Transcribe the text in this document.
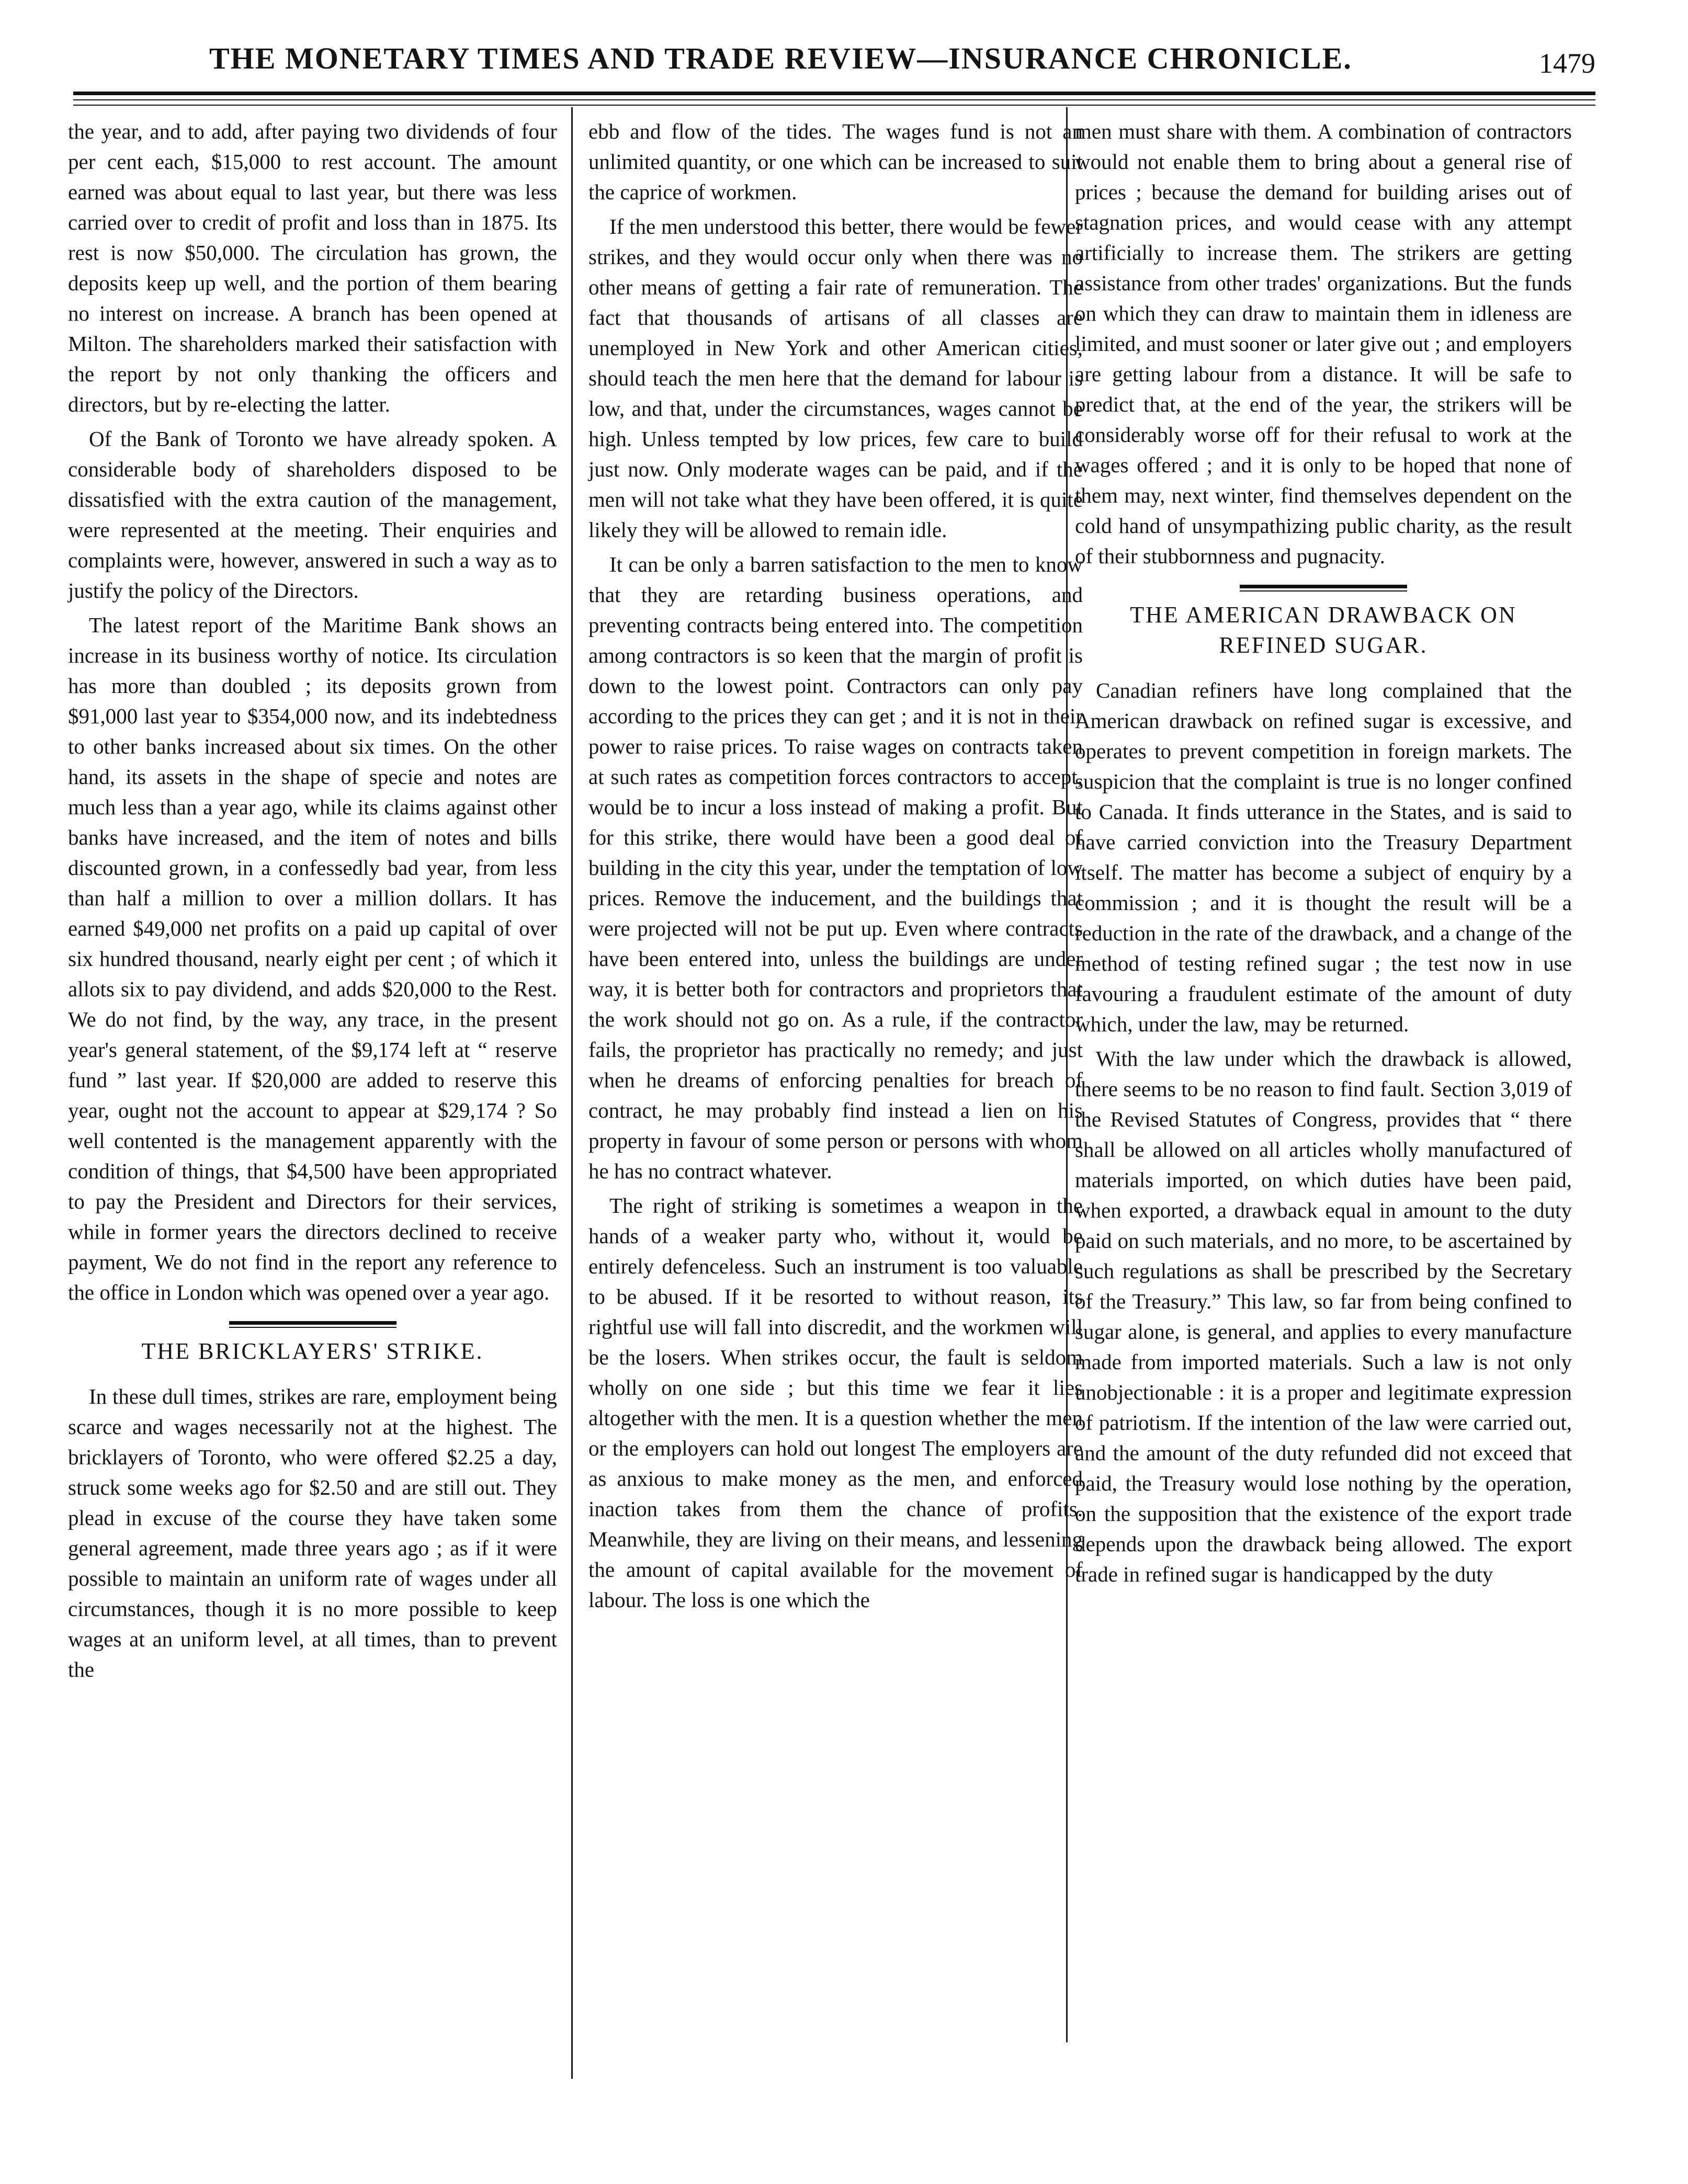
THE MONETARY TIMES AND TRADE REVIEW—INSURANCE CHRONICLE.	1479

the year, and to add, after paying two dividends of four per cent each, $15,000 to rest account. The amount earned was about equal to last year, but there was less carried over to credit of profit and loss than in 1875. Its rest is now $50,000. The circulation has grown, the deposits keep up well, and the portion of them bearing no interest on increase. A branch has been opened at Milton. The shareholders marked their satisfaction with the report by not only thanking the officers and directors, but by re-electing the latter.

Of the Bank of Toronto we have already spoken. A considerable body of shareholders disposed to be dissatisfied with the extra caution of the management, were represented at the meeting. Their enquiries and complaints were, however, answered in such a way as to justify the policy of the Directors.

The latest report of the Maritime Bank shows an increase in its business worthy of notice. Its circulation has more than doubled ; its deposits grown from $91,000 last year to $354,000 now, and its indebtedness to other banks increased about six times. On the other hand, its assets in the shape of specie and notes are much less than a year ago, while its claims against other banks have increased, and the item of notes and bills discounted grown, in a confessedly bad year, from less than half a million to over a million dollars. It has earned $49,000 net profits on a paid up capital of over six hundred thousand, nearly eight per cent ; of which it allots six to pay dividend, and adds $20,000 to the Rest. We do not find, by the way, any trace, in the present year's general statement, of the $9,174 left at “ reserve fund ” last year. If $20,000 are added to reserve this year, ought not the account to appear at $29,174 ? So well contented is the management apparently with the condition of things, that $4,500 have been appropriated to pay the President and Directors for their services, while in former years the directors declined to receive payment, We do not find in the report any reference to the office in London which was opened over a year ago.

THE BRICKLAYERS' STRIKE.

In these dull times, strikes are rare, employment being scarce and wages necessarily not at the highest. The bricklayers of Toronto, who were offered $2.25 a day, struck some weeks ago for $2.50 and are still out. They plead in excuse of the course they have taken some general agreement, made three years ago ; as if it were possible to maintain an uniform rate of wages under all circumstances, though it is no more possible to keep wages at an uniform level, at all times, than to prevent the

ebb and flow of the tides. The wages fund is not an unlimited quantity, or one which can be increased to suit the caprice of workmen.

If the men understood this better, there would be fewer strikes, and they would occur only when there was no other means of getting a fair rate of remuneration. The fact that thousands of artisans of all classes are unemployed in New York and other American cities, should teach the men here that the demand for labour is low, and that, under the circumstances, wages cannot be high. Unless tempted by low prices, few care to build just now. Only moderate wages can be paid, and if the men will not take what they have been offered, it is quite likely they will be allowed to remain idle.

It can be only a barren satisfaction to the men to know that they are retarding business operations, and preventing contracts being entered into. The competition among contractors is so keen that the margin of profit is down to the lowest point. Contractors can only pay according to the prices they can get ; and it is not in their power to raise prices. To raise wages on contracts taken at such rates as competition forces contractors to accept, would be to incur a loss instead of making a profit. But for this strike, there would have been a good deal of building in the city this year, under the temptation of low prices. Remove the inducement, and the buildings that were projected will not be put up. Even where contracts have been entered into, unless the buildings are under way, it is better both for contractors and proprietors that the work should not go on. As a rule, if the contractor fails, the proprietor has practically no remedy; and just when he dreams of enforcing penalties for breach of contract, he may probably find instead a lien on his property in favour of some person or persons with whom he has no contract whatever.

The right of striking is sometimes a weapon in the hands of a weaker party who, without it, would be entirely defenceless. Such an instrument is too valuable to be abused. If it be resorted to without reason, its rightful use will fall into discredit, and the workmen will be the losers. When strikes occur, the fault is seldom wholly on one side ; but this time we fear it lies altogether with the men. It is a question whether the men or the employers can hold out longest The employers are as anxious to make money as the men, and enforced inaction takes from them the chance of profits. Meanwhile, they are living on their means, and lessening the amount of capital available for the movement of labour. The loss is one which the

men must share with them. A combination of contractors would not enable them to bring about a general rise of prices ; because the demand for building arises out of stagnation prices, and would cease with any attempt artificially to increase them. The strikers are getting assistance from other trades' organizations. But the funds on which they can draw to maintain them in idleness are limited, and must sooner or later give out ; and employers are getting labour from a distance. It will be safe to predict that, at the end of the year, the strikers will be considerably worse off for their refusal to work at the wages offered ; and it is only to be hoped that none of them may, next winter, find themselves dependent on the cold hand of unsympathizing public charity, as the result of their stubbornness and pugnacity.

THE AMERICAN DRAWBACK ON
REFINED SUGAR.

Canadian refiners have long complained that the American drawback on refined sugar is excessive, and operates to prevent competition in foreign markets. The suspicion that the complaint is true is no longer confined to Canada. It finds utterance in the States, and is said to have carried conviction into the Treasury Department itself. The matter has become a subject of enquiry by a commission ; and it is thought the result will be a reduction in the rate of the drawback, and a change of the method of testing refined sugar ; the test now in use favouring a fraudulent estimate of the amount of duty which, under the law, may be returned.

With the law under which the drawback is allowed, there seems to be no reason to find fault. Section 3,019 of the Revised Statutes of Congress, provides that “ there shall be allowed on all articles wholly manufactured of materials imported, on which duties have been paid, when exported, a drawback equal in amount to the duty paid on such materials, and no more, to be ascertained by such regulations as shall be prescribed by the Secretary of the Treasury.” This law, so far from being confined to sugar alone, is general, and applies to every manufacture made from imported materials. Such a law is not only unobjectionable : it is a proper and legitimate expression of patriotism. If the intention of the law were carried out, and the amount of the duty refunded did not exceed that paid, the Treasury would lose nothing by the operation, on the supposition that the existence of the export trade depends upon the drawback being allowed. The export trade in refined sugar is handicapped by the duty
